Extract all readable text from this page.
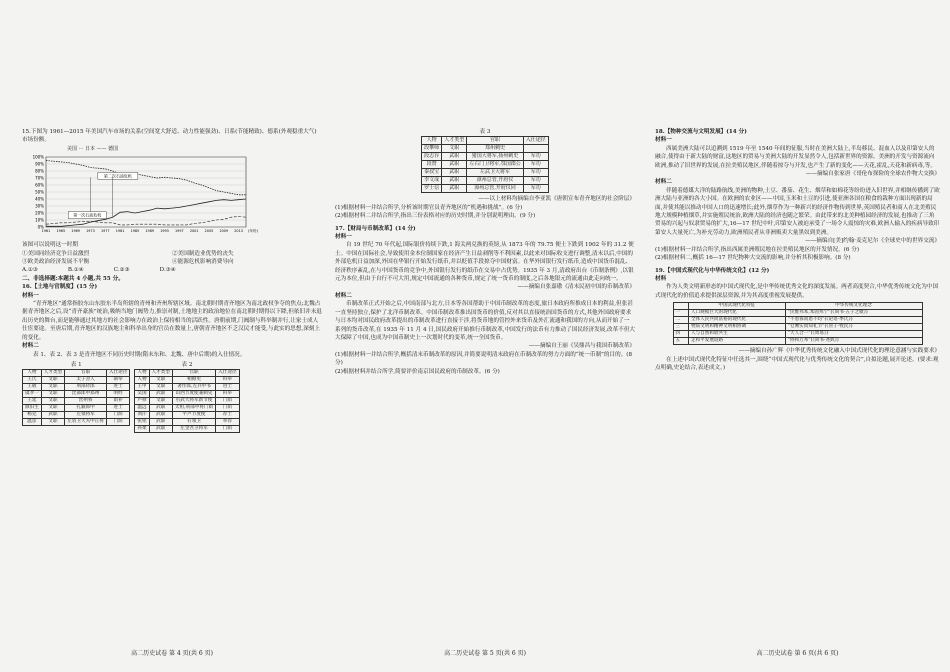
15.下图为 1961—2015 年美国汽车市场的关系(空间宽大舒适、动力性能强劲)、日系(节能精致)、德系(外观稳重大气)市场份额。

美国 ··· 日本 —— 德国
100%
90%
80%
70%
60%
50%
40%
30%
20%
10%
0%
1961 1965 1969 1973 1977 1981 1985 1989 1993 1997 2001 2005 2009 2013 (年份)
第二次石油危机
第一次石油危机

该图可以说明这一时期

①美国同经济竞争日益激烈	②美国制造业优势的丧失
③欧美政治经济发展不平衡	④能源危机影响消费导向
A.①③	B.①④	C.②③	D.③④

二、非选择题:本题共 4 小题,共 55 分。

16.【土地与官制度】(15 分)

材料一

“青齐地区”通常指胶东山东胶东半岛所辖的青州和齐州所辖区域。南北朝时期青齐地区为南北政权争夺的焦点;北魏占据青齐地区之后,设“青齐豪族”统治,吸纳当地门阀势力,推崇对制,土地地主的政治地位在南北朝时期得以下降,但依旧并未退出历史的舞台,而是能够通过其地方的社会影响力在政治上保持相当的活跃性。唐朝前期,门阀制与科举制并行,让家士成人仕宦要途。至唐后期,青齐地区的汉族地主和科举出身的官员在数量上,唐朝青齐地区不乏汉民才能受,与此实的思想,深刻上的变化。

材料二

表 1、表 2、表 3 是青齐地区不同历史时期(隋末东和、北魏、唐中后期)的入仕情况。

表 1
人物	人才类型	官职	入仕途径
王氏	文职	太子舍人	制举
王敬	文职	刑部侍郎	进士
虞孝一	文职	比部郎中郑州	明经
王延	文职	营州将	荫补
颜旧生	文职	孔颖郎中	进士
杨克	武职	左领将军	门荫
温彦	文职	左羽卫大夫中正将	门荫
表 2
人物	人才类型	官职	入仕途径
人物	文职	相僚吏	科举
王甲	文职	著作郎,左兵中书	进士
吴国	武职	山西节度使兼刺史	科举
卢禄	文职	右武大将军新节使	门荫
温远	武职	太祖,刑部中将门荫	门荫
刘汗	武职	平卢节度使	荐士
张铭	武职	右领卫	举荐
孙柔	武职	左金吾卫将军	门荫
高二历史试卷 第 4 页(共 6 页)
表 3
人物	人才类型	官职	入仕途径
段攀师	文职	郑州刺史	
段志存	武职	猪国大将军,扬州刺史	军功
段赞	武职	左右门卫将军,鄂国郡公	军功
秦叔宝	武职	左武卫大将军	军功
李文成	武职	漳州总管,开府仪	军功
罗士信	武职	漳州总管,开府仪同	军功

——以上材料均摘编自李亚凯《唐朝宣布青齐地区的社会阶层》

(1)根据材料一并结合所学,分析该时期官员青齐地区的“机遇和挑战”。(6 分)

(2)根据材料二并结合所学,指出三份表格对应的历史时期,并分别说明理由。(9 分)

17.【财局与币制改革】(14 分)

材料一

自 19 世纪 70 年代起,国际银价持续下跌,1 海关两兑换的英镑,从 1873 年的 79.75 便士下跌到 1902 年的 31.2 便士。中国在国际社会,导致使用金本位制国家在经济产生日益剥削等不利因素,以此来对国际收支进行调整,清末以后,中国的外部危机日益加深,外国在华银行开始发行纸币,并以贬值手段掠夺中国财富。在华外国银行发行纸币,造成中国货币混乱、经济秩序紊乱,在与中国货币的竞争中,外国银行发行的纸币在交易中占优势。1935 年 3 月,清政府出台《币制条例》,以银元为本位,但由于自行不可大用,规定中国流通的各种货币,规定了统一货币的制度,之后各地银元的流通由此走向统一。

——摘编自张嘉璈《清末民初中国的币制改革》

材料二

币制改革正式开始之后,中国南部与北方,日本等各国帮助于中国币制改革的态度,旅日本政府所推成日本的利益,但张甚一直坚持独立,保护了北洋币制改革。中国币制改革推出国货币的价值,反对其以直接统治国货币的方式,其他外国政府要求与日本均对国民政府改革提出的币制改革进行直接干涉,将货币地的管控外来货币及外汇流通和我国的方向,从而开始了一系列的货币改革,在 1935 年 11 月 4 日,国民政府开始推行币制改革,中国发行的法币有力推动了国民经济发展,改革不但大大保障了中国,也成为中国币制史上一次划时代的变革,统一全国货币。

——摘编自王丽《吴鼎昌与我国币制改革》

(1)根据材料一并结合所学,概括清末币制改革的原因,并简要说明清末政府在币制改革的努力方面的“统一币制”的目的。(8 分)

(2)根据材料并结合所学,简要评价南京国民政府的币制改革。(6 分)

高二历史试卷 第 5 页(共 6 页)

18.【物种交流与文明发展】(14 分)

材料一

西属美洲大陆可以追溯到 1519 年至 1540 年间的征服,当时在美洲大陆上,半岛移民、混血人以及印第安人的融合,使得由于新大陆的财富,这地区的贸易与美洲大陆的开发显然令人,包括新世界的资源。美洲的开发与资源流向欧洲,推动了旧世界的发展,在拉美殖民地区,伴随着掠夺与开发,也产生了新的变化——天花,霍乱,天花和新病毒,等。

——摘编自张家唐《哥伦布探险的全球农作物大交换》

材料二

伴随着德媒大洋的陆路航线,美洲的物种,土豆、番茄、花生、烟草和如棉花等纷纷进入旧世界,并相继传播到了欧洲大陆与亚洲的各大小国。在欧洲的农业区——中国,玉米和土豆的引进,使亚洲各国在粮食的栽种方面出现新的局面,并使其能以推动中国人口的迅速增长;此外,烟草作为一种新兴的经济作物传到世界,英国殖民者和商人在北美殖民地大规模种植烟草,并实施殖民统治,欧洲大陆的经济也随之繁荣。由此带来的北美种植园经济的发展,也推动了三角贸易的兴起与奴隶贸易的扩大,16—17 世纪中叶,印第安人被迫承受了一场令人震惊的灾难,欧洲人输入的疾病导致印第安人大量死亡,为补充劳动力,欧洲殖民者从非洲贩卖大量黑奴到美洲。

——摘编自[美]约翰·麦克尼尔《全球史中的世界交流》

(1)根据材料一并结合所学,指出西属美洲殖民地在拉美殖民地区的开发情况。(6 分)

(2)根据材料二,概括 16—17 世纪物种大交流的影响,并分析其积极影响。(8 分)

19.【中国式现代化与中华传统文化】(12 分)

材料

作为人类文明新形态的中国式现代化,是中华传统优秀文化的深度发展。两者高度契合,中华优秀传统文化为中国式现代化的价值追求提供深层资源,并为其高度重视发展提供。

	中国式现代化特征	中华传统文化理念
一	人口规模巨大的现代化	“民惟邦本,本固邦宁”(《尚书·五子之歌》)
二	全体人民共同富裕的现代化	“不患寡而患不均”(《论语·季氏》)
三	物质文明和精神文明相协调	“仓廪实而知礼节”(《管子·牧民》)
四	人与自然和谐共生	“天人合一”(《周易》)
五	走和平发展道路	“协和万邦”(《尚书·尧典》)

——摘编自孙广辉《中华优秀传统文化融入中国式现代化的理论意涵与实践要求》

在上述中国式现代化特征中任选其一,围绕“中国式现代化与优秀传统文化的契合”,自拟论题,展开论述。(要求:观点明确,史论结合,表述成文。)

高二历史试卷 第 6 页(共 6 页)
